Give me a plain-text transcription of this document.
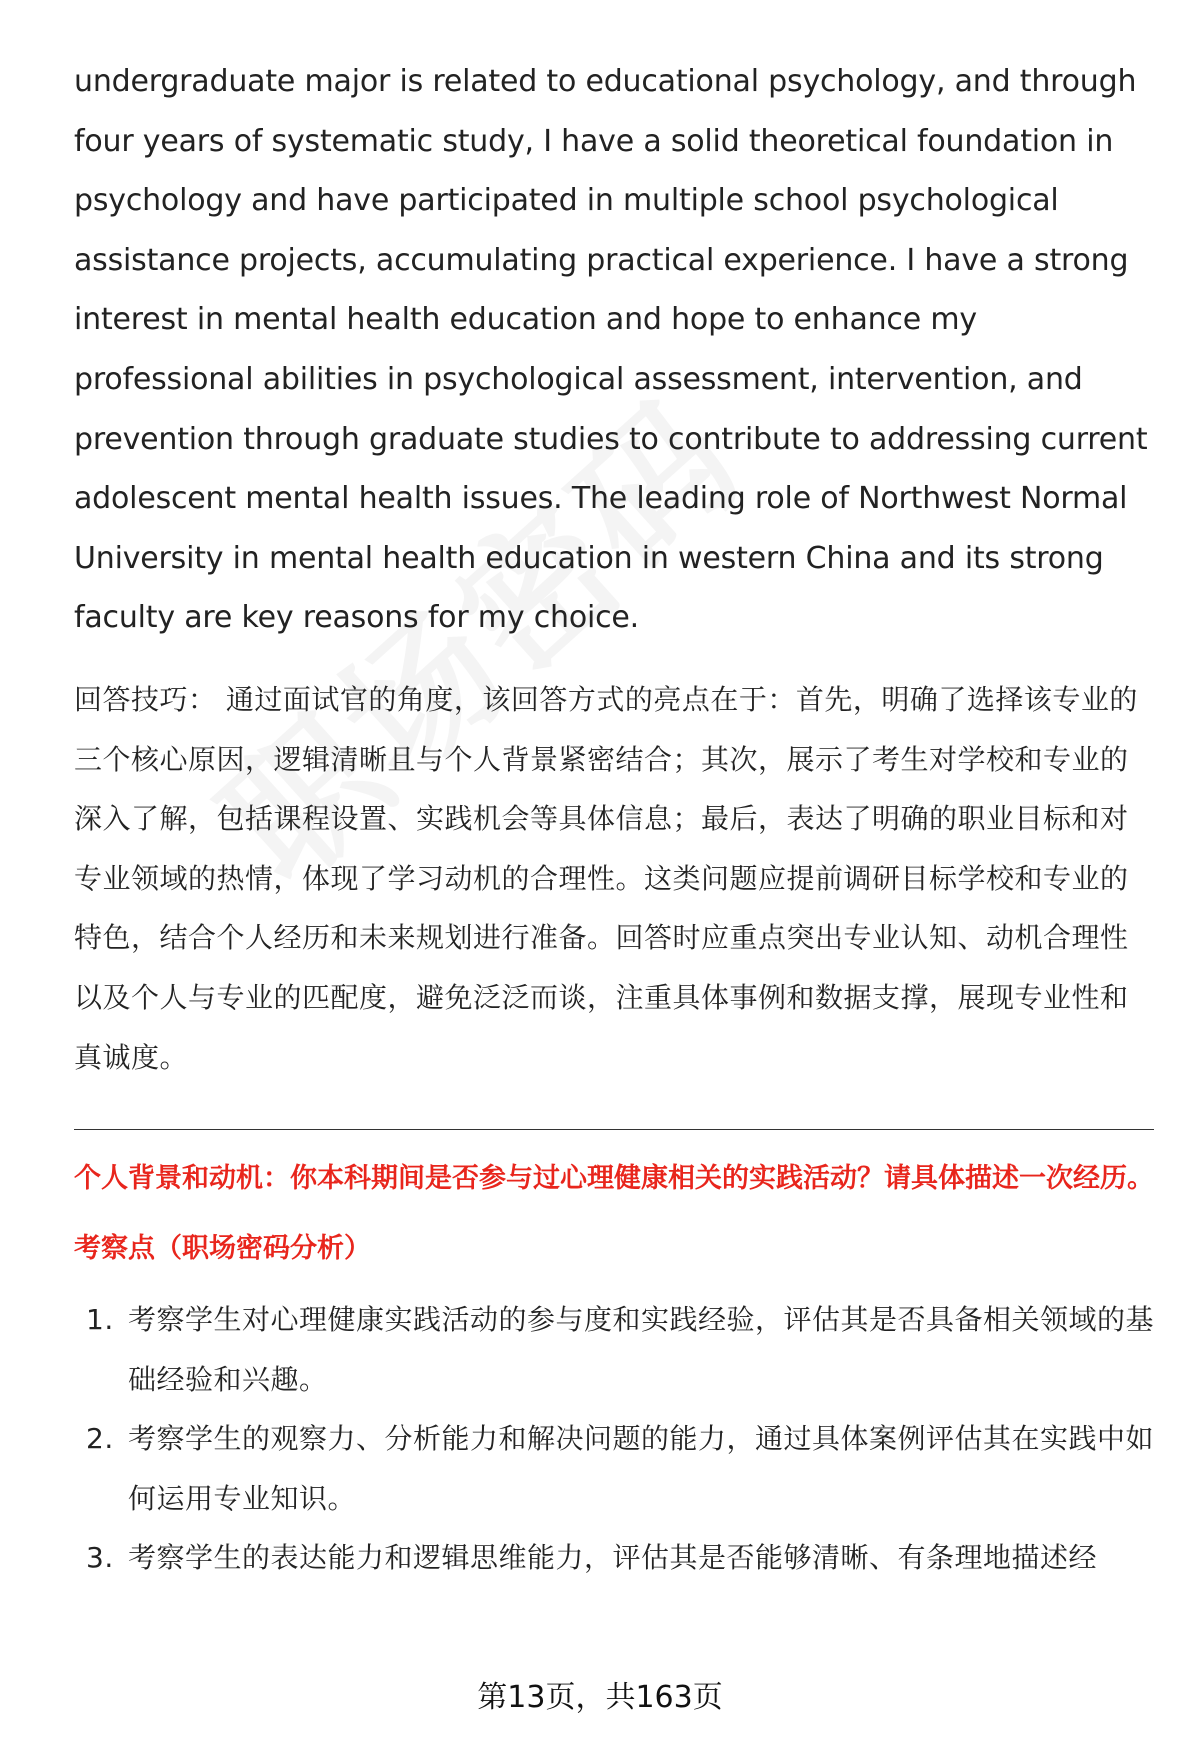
undergraduate major is related to educational psychology, and through four years of systematic study, I have a solid theoretical foundation in psychology and have participated in multiple school psychological assistance projects, accumulating practical experience. I have a strong interest in mental health education and hope to enhance my professional abilities in psychological assessment, intervention, and prevention through graduate studies to contribute to addressing current adolescent mental health issues. The leading role of Northwest Normal University in mental health education in western China and its strong faculty are key reasons for my choice.

回答技巧： 通过面试官的角度，该回答方式的亮点在于：首先，明确了选择该专业的三个核心原因，逻辑清晰且与个人背景紧密结合；其次，展示了考生对学校和专业的深入了解，包括课程设置、实践机会等具体信息；最后，表达了明确的职业目标和对专业领域的热情，体现了学习动机的合理性。这类问题应提前调研目标学校和专业的特色，结合个人经历和未来规划进行准备。回答时应重点突出专业认知、动机合理性以及个人与专业的匹配度，避免泛泛而谈，注重具体事例和数据支撑，展现专业性和真诚度。

个人背景和动机：你本科期间是否参与过心理健康相关的实践活动？请具体描述一次经历。
考察点（职场密码分析）
1. 考察学生对心理健康实践活动的参与度和实践经验，评估其是否具备相关领域的基础经验和兴趣。
2. 考察学生的观察力、分析能力和解决问题的能力，通过具体案例评估其在实践中如何运用专业知识。
3. 考察学生的表达能力和逻辑思维能力，评估其是否能够清晰、有条理地描述经
第13页，共163页
